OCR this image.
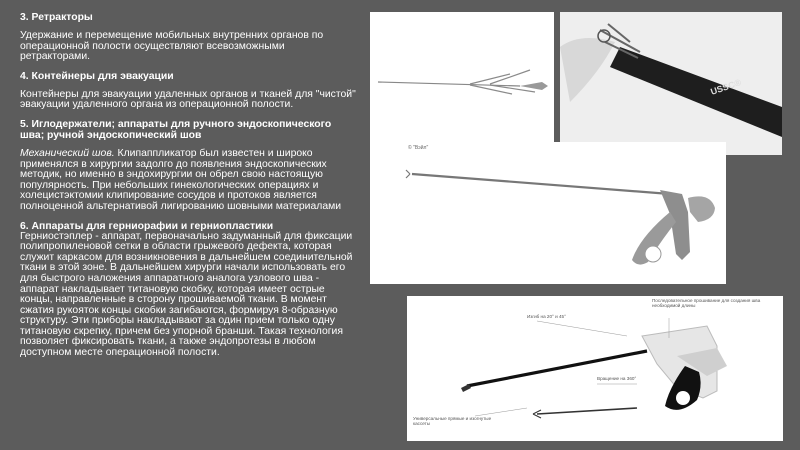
3. Ретракторы

Удержание и перемещение мобильных внутренних органов по операционной полости осуществляют всевозможными ретракторами.

4. Контейнеры для эвакуации

Контейнеры для эвакуации удаленных органов и тканей для "чистой" эвакуации удаленного органа из операционной полости.

5. Иглодержатели; аппараты для ручного эндоскопического шва; ручной эндоскопический шов

Механический шов. Клипаппликатор был известен и широко применялся в хирургии задолго до появления эндоскопических методик, но именно в эндохирургии он обрел свою настоящую популярность. При небольших гинекологических операциях и холецистэктомии клипирование сосудов и протоков является полноценной альтернативой лигированию шовными материалами

6. Аппараты для герниорафии и герниопластики

Герниостэплер - аппарат, первоначально задуманный для фиксации полипропиленовой сетки в области грыжевого дефекта, которая служит каркасом для возникновения в дальнейшем соединительной ткани в этой зоне. В дальнейшем хирурги начали использовать его для быстрого наложения аппаратного аналога узлового шва - аппарат накладывает титановую скобку, которая имеет острые концы, направленные в сторону прошиваемой ткани. В момент сжатия рукояток концы скобки загибаются, формируя 8-образную структуру. Эти приборы накладывают за один прием только одну титановую скрепку, причем без упорной бранши. Такая технология позволяет фиксировать ткани, а также эндопротезы в любом доступном месте операционной полости.

USSC®
© "Вэйл"
Изгиб на 20° и 45°
Последовательное прошивание для создания шва необходимой длины
Вращение на 360°
Универсальные прямые и изогнутые кассеты
